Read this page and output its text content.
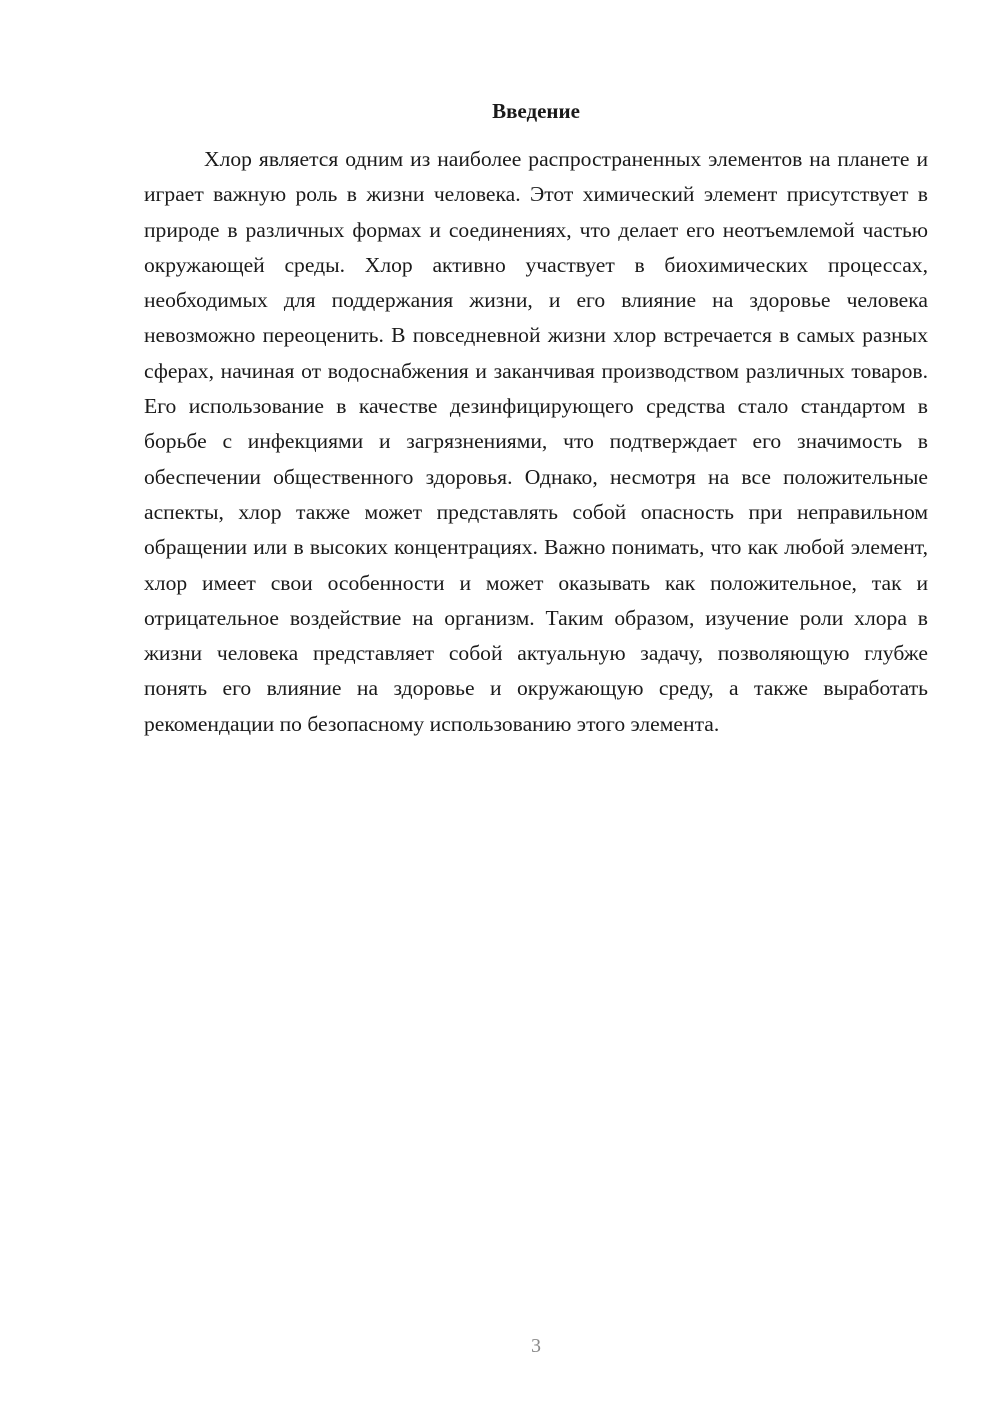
Введение

Хлор является одним из наиболее распространенных элементов на планете и играет важную роль в жизни человека. Этот химический элемент присутствует в природе в различных формах и соединениях, что делает его неотъемлемой частью окружающей среды. Хлор активно участвует в биохимических процессах, необходимых для поддержания жизни, и его влияние на здоровье человека невозможно переоценить. В повседневной жизни хлор встречается в самых разных сферах, начиная от водоснабжения и заканчивая производством различных товаров. Его использование в качестве дезинфицирующего средства стало стандартом в борьбе с инфекциями и загрязнениями, что подтверждает его значимость в обеспечении общественного здоровья. Однако, несмотря на все положительные аспекты, хлор также может представлять собой опасность при неправильном обращении или в высоких концентрациях. Важно понимать, что как любой элемент, хлор имеет свои особенности и может оказывать как положительное, так и отрицательное воздействие на организм. Таким образом, изучение роли хлора в жизни человека представляет собой актуальную задачу, позволяющую глубже понять его влияние на здоровье и окружающую среду, а также выработать рекомендации по безопасному использованию этого элемента.

3
